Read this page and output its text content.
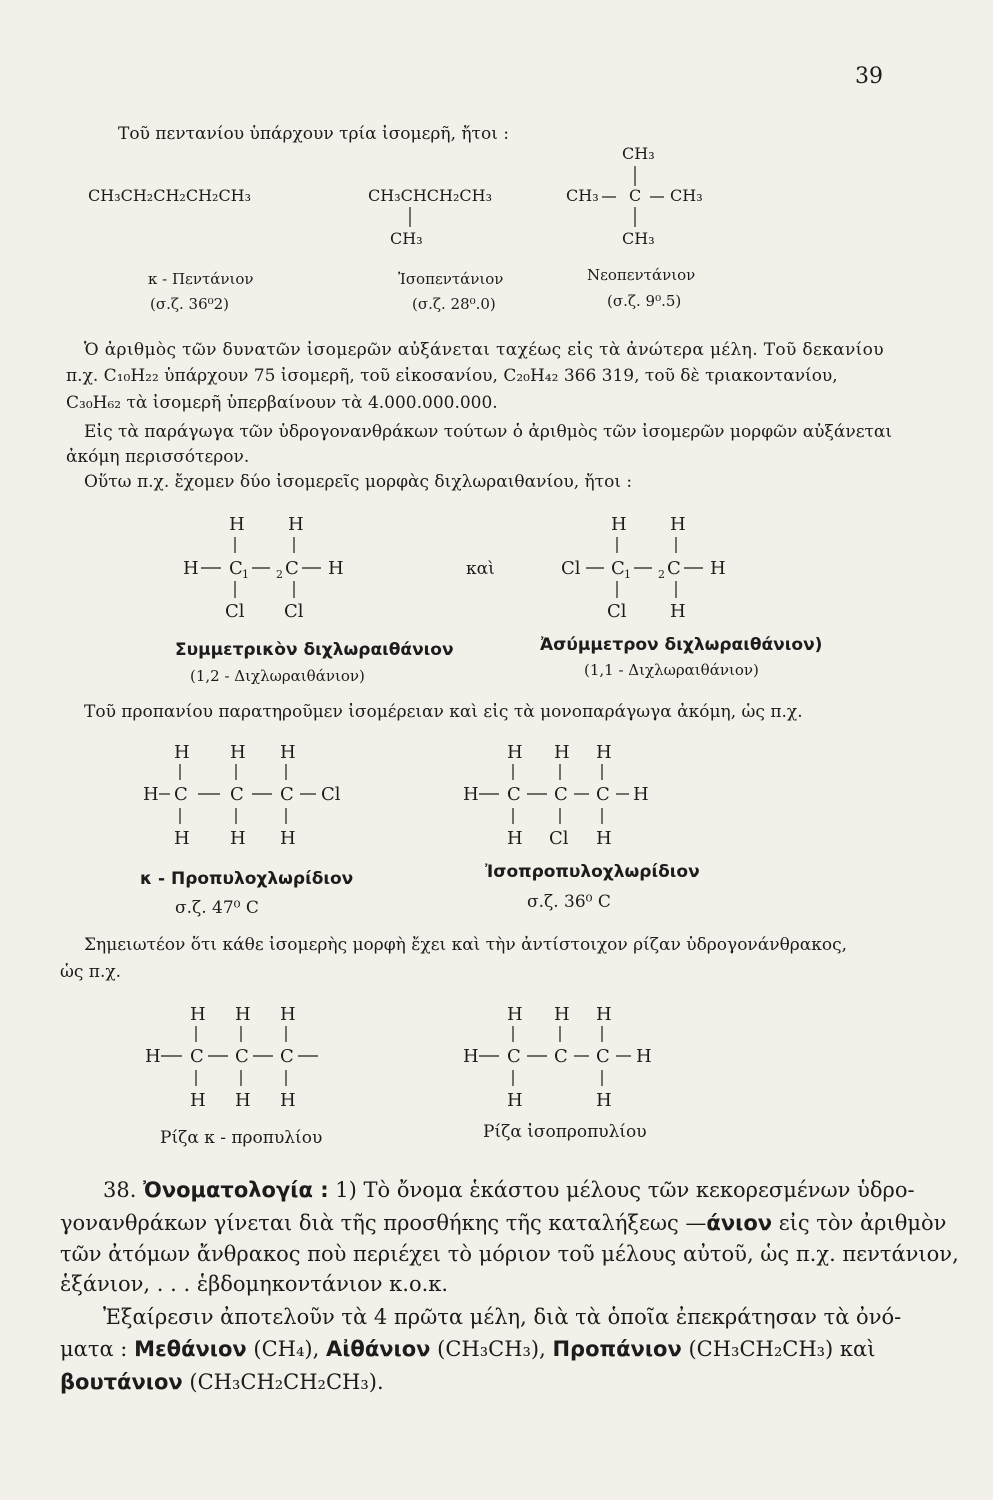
39
Τοῦ πεντανίου ὑπάρχουν τρία ἰσομερῆ, ἤτοι :
CH₃CH₂CH₂CH₂CH₃	CH₃CHCH₂CH₃
CH₃
CH₃
CH₃ C CH₃
CH₃
κ - Πεντάνιον
(σ.ζ. 36⁰2)
Ἰσοπεντάνιον
(σ.ζ. 28⁰.0)
Νεοπεντάνιον
(σ.ζ. 9⁰.5)
Ὁ ἀριθμὸς τῶν δυνατῶν ἰσομερῶν αὐξάνεται ταχέως εἰς τὰ ἀνώτερα μέλη. Τοῦ δεκανίου
π.χ. C₁₀H₂₂ ὑπάρχουν 75 ἰσομερῆ, τοῦ εἰκοσανίου, C₂₀H₄₂ 366 319, τοῦ δὲ τριακοντανίου,
C₃₀H₆₂ τὰ ἰσομερῆ ὑπερβαίνουν τὰ 4.000.000.000.
Εἰς τὰ παράγωγα τῶν ὑδρογονανθράκων τούτων ὁ ἀριθμὸς τῶν ἰσομερῶν μορφῶν αὐξάνεται
ἀκόμη περισσότερον.
Οὕτω π.χ. ἔχομεν δύο ἰσομερεῖς μορφὰς διχλωραιθανίου, ἤτοι :
H H
H C 1 2 C H
Cl Cl
καὶ
H H
Cl C 1 2 C H
Cl H
Συμμετρικὸν διχλωραιθάνιον
(1,2 - Διχλωραιθάνιον)
Ἀσύμμετρον διχλωραιθάνιον)
(1,1 - Διχλωραιθάνιον)
Τοῦ προπανίου παρατηροῦμεν ἰσομέρειαν καὶ εἰς τὰ μονοπαράγωγα ἀκόμη, ὡς π.χ.
H H H
H C C C Cl
H H H
H H H
H C C C H
H Cl H
κ - Προπυλοχλωρίδιον
σ.ζ. 47⁰ C
Ἰσοπροπυλοχλωρίδιον
σ.ζ. 36⁰ C
Σημειωτέον ὅτι κάθε ἰσομερὴς μορφὴ ἔχει καὶ τὴν ἀντίστοιχον ρίζαν ὑδρογονάνθρακος,
ὡς π.χ.
H H H
H C C C
H H H
H H H
H C C C H
H	H
Ρίζα κ - προπυλίου	Ρίζα ἰσοπροπυλίου
38. Ὀνοματολογία : 1) Τὸ ὄνομα ἑκάστου μέλους τῶν κεκορεσμένων ὑδρο-
γονανθράκων γίνεται διὰ τῆς προσθήκης τῆς καταλήξεως —άνιον εἰς τὸν ἀριθμὸν
τῶν ἀτόμων ἄνθρακος ποὺ περιέχει τὸ μόριον τοῦ μέλους αὐτοῦ, ὡς π.χ. πεντάνιον,
ἑξάνιον, . . . ἑβδομηκοντάνιον κ.ο.κ.
Ἐξαίρεσιν ἀποτελοῦν τὰ 4 πρῶτα μέλη, διὰ τὰ ὁποῖα ἐπεκράτησαν τὰ ὀνό-
ματα : Μεθάνιον (CH₄), Αἰθάνιον (CH₃CH₃), Προπάνιον (CH₃CH₂CH₃) καὶ
βουτάνιον (CH₃CH₂CH₂CH₃).
